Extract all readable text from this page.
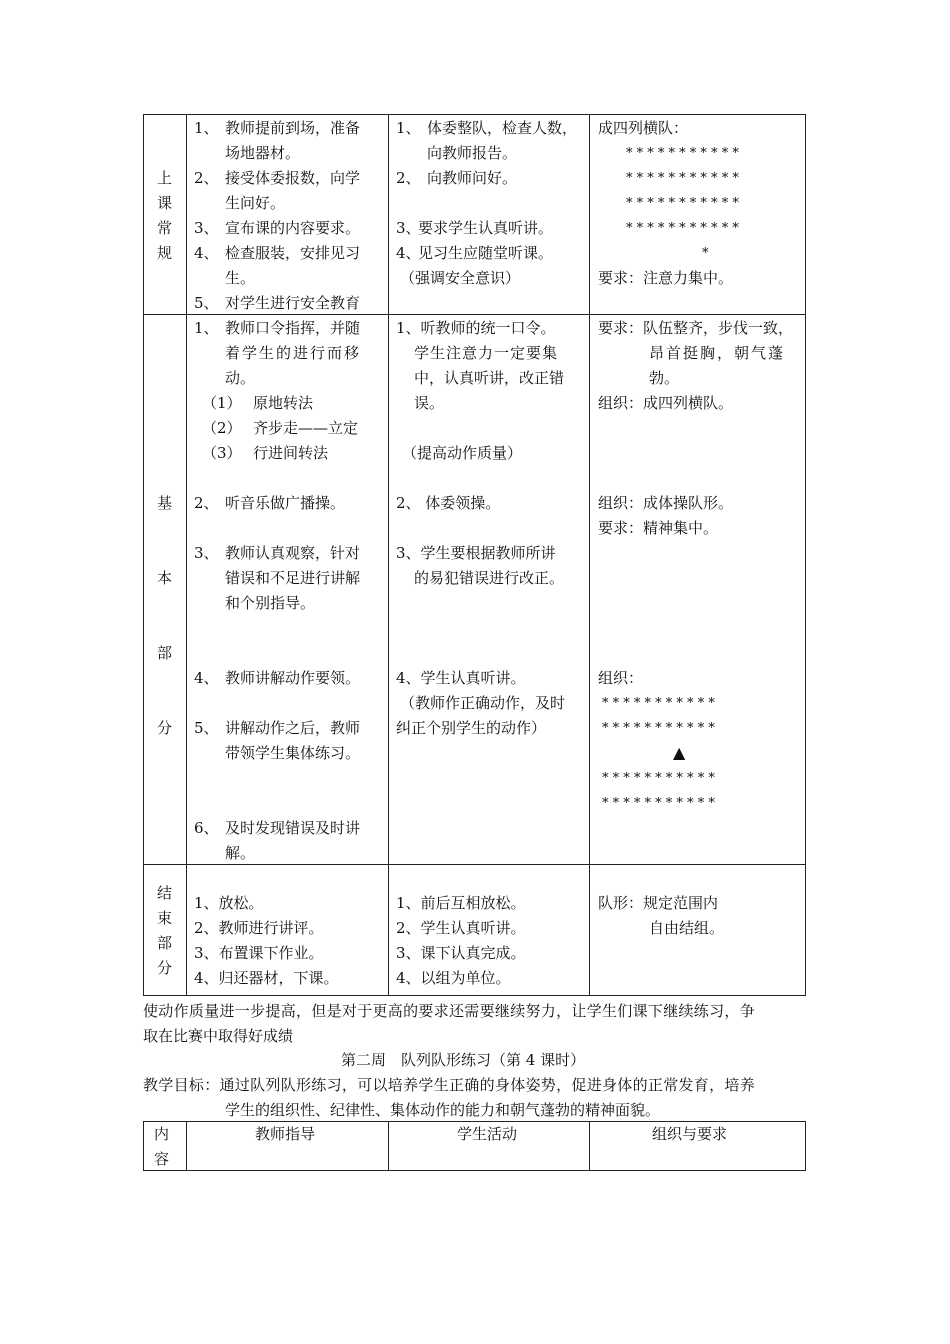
上
课
常
规
1、 教师提前到场，准备
场地器材。
2、 接受体委报数，向学
生问好。
3、 宣布课的内容要求。
4、 检查服装，安排见习
生。
5、 对学生进行安全教育
1、 体委整队，检查人数，
向教师报告。
2、 向教师问好。
3、
要求学生认真听讲。
4、
见习生应随堂听课。
（强调安全意识）
成四列横队：
* * * * * * * * * * *
* * * * * * * * * * *
* * * * * * * * * * *
* * * * * * * * * * *
*
要求：注意力集中。
基
本
部
分
1、 教师口令指挥，并随
着学生的进行而移
动。
（1） 原地转法
（2） 齐步走——立定
（3） 行进间转法
2、 听音乐做广播操。
3、 教师认真观察，针对
错误和不足进行讲解
和个别指导。
4、 教师讲解动作要领。
5、 讲解动作之后，教师
带领学生集体练习。
6、 及时发现错误及时讲
解。
1、听教师的统一口令。
学生注意力一定要集
中，认真听讲，改正错
误。
（提高动作质量）
2、 体委领操。
3、学生要根据教师所讲
的易犯错误进行改正。
4、学生认真听讲。
（教师作正确动作，及时
纠正个别学生的动作）
要求：队伍整齐，步伐一致，
昂首挺胸，朝气蓬
勃。
组织：成四列横队。
组织：成体操队形。
要求：精神集中。
组织：
* * * * * * * * * * *
* * * * * * * * * * *
▲
* * * * * * * * * * *
* * * * * * * * * * *
结
束
部
分
1、放松。
2、教师进行讲评。
3、布置课下作业。
4、归还器材，下课。
1、前后互相放松。
2、学生认真听讲。
3、课下认真完成。
4、以组为单位。
队形：规定范围内
自由结组。
使动作质量进一步提高，但是对于更高的要求还需要继续努力，让学生们课下继续练习，争
取在比赛中取得好成绩
第二周　队列队形练习（第 4 课时）
教学目标：通过队列队形练习，可以培养学生正确的身体姿势，促进身体的正常发育，培养
学生的组织性、纪律性、集体动作的能力和朝气蓬勃的精神面貌。
内
容
教师指导	学生活动	组织与要求
